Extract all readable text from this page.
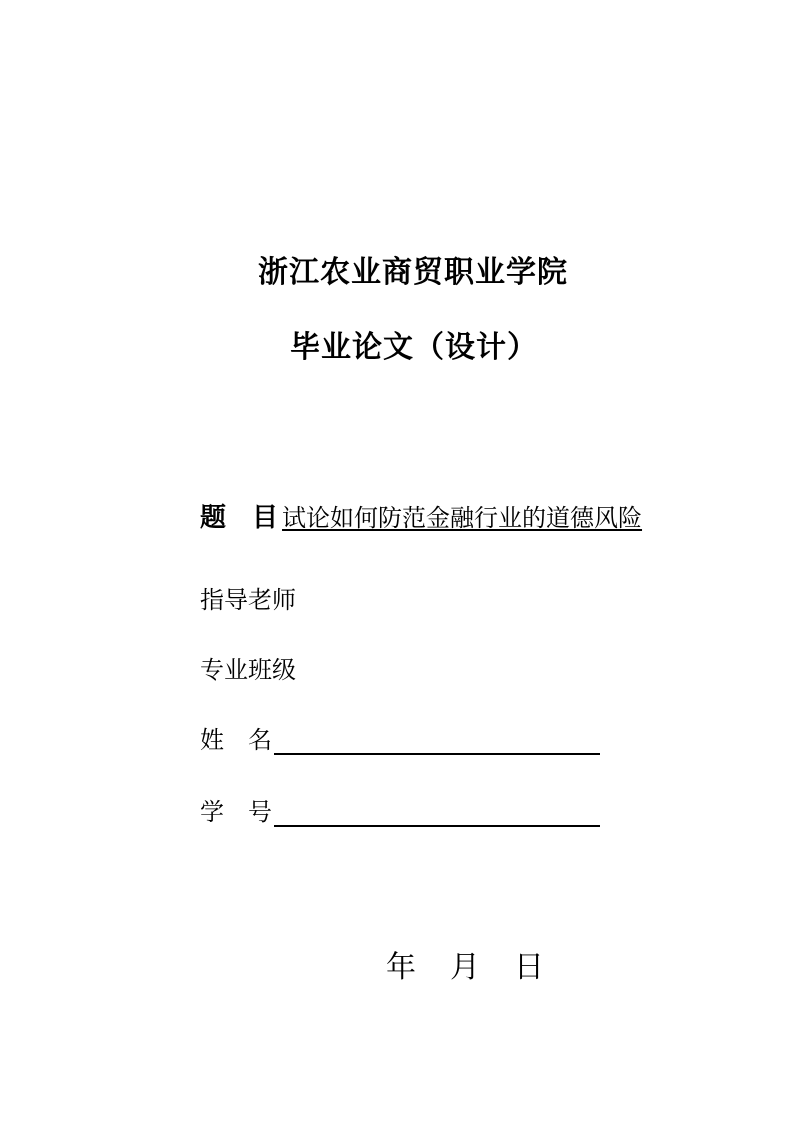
浙江农业商贸职业学院
毕业论文（设计）
题 目 试论如何防范金融行业的道德风险
指导老师
专业班级
姓 名
学 号
年 月 日
